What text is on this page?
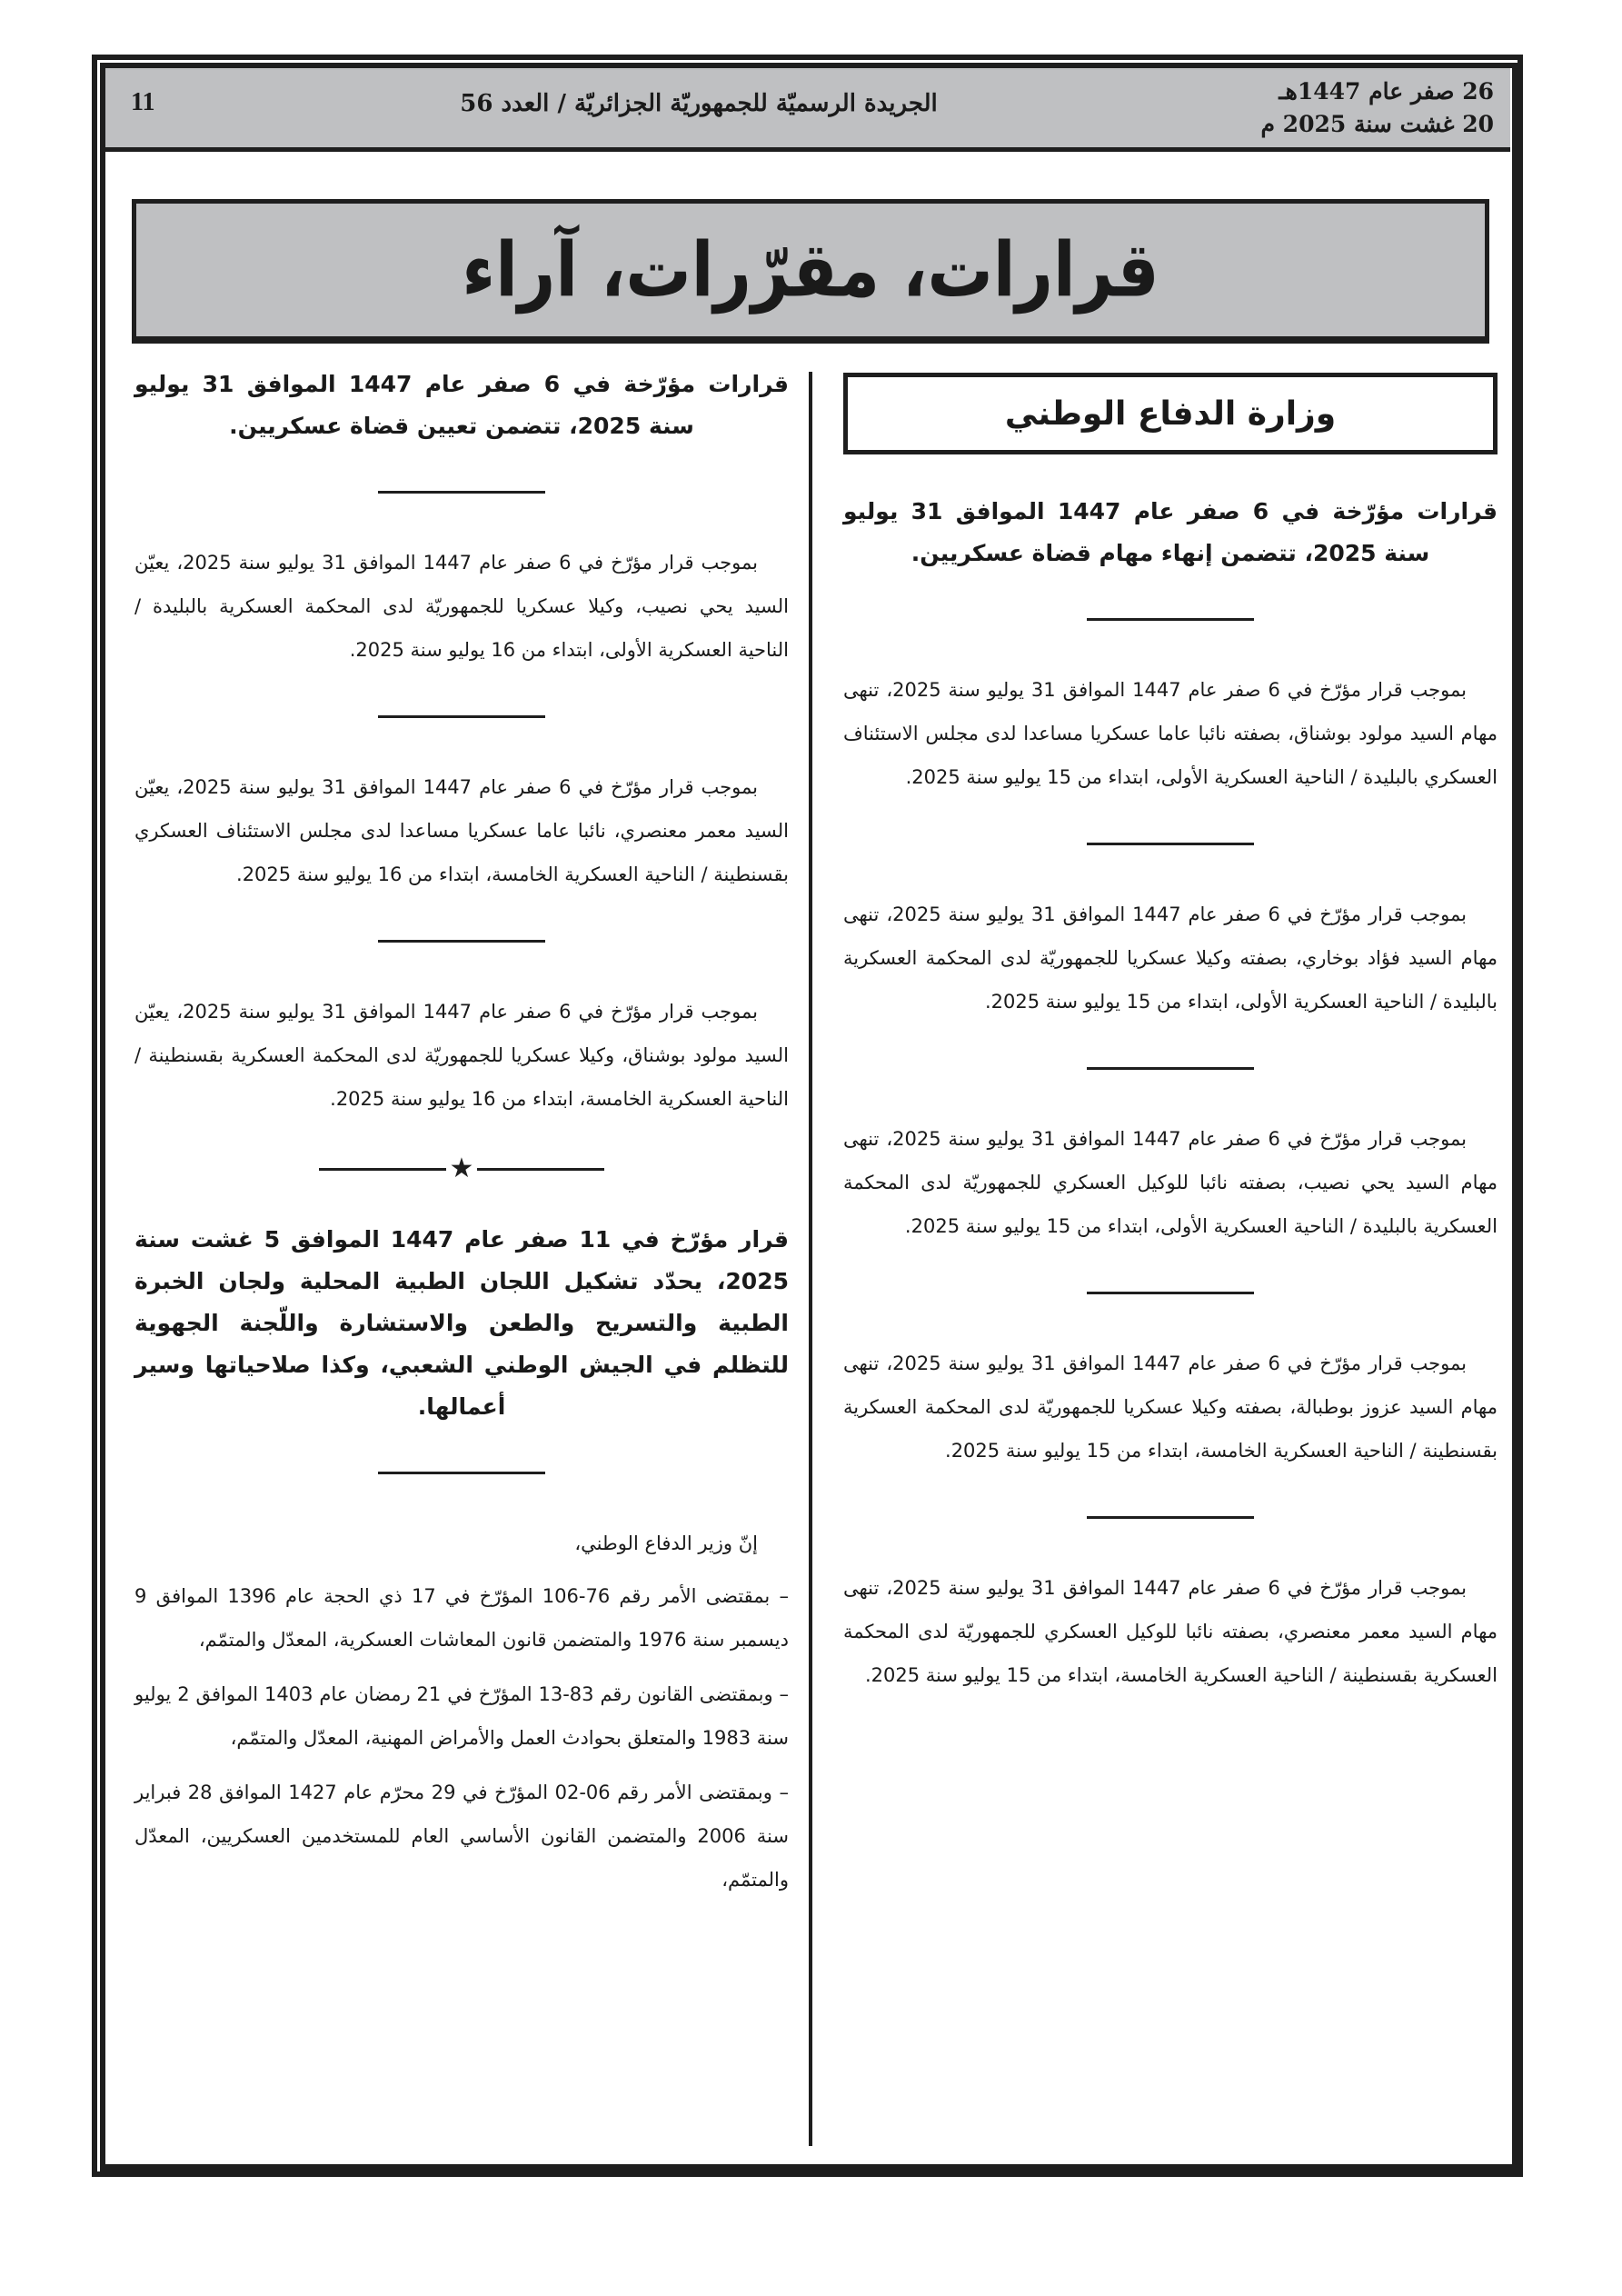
26 صفر عام 1447هـ
20 غشت سنة 2025 م
الجريدة الرسميّة للجمهوريّة الجزائريّة / العدد 56
11
قرارات، مقرّرات، آراء
وزارة الدفاع الوطني

قرارات مؤرّخة في 6 صفر عام 1447 الموافق 31 يوليو سنة 2025، تتضمن إنهاء مهام قضاة عسكريين.

بموجب قرار مؤرّخ في 6 صفر عام 1447 الموافق 31 يوليو سنة 2025، تنهى مهام السيد مولود بوشناق، بصفته نائبا عاما عسكريا مساعدا لدى مجلس الاستئناف العسكري بالبليدة / الناحية العسكرية الأولى، ابتداء من 15 يوليو سنة 2025.

بموجب قرار مؤرّخ في 6 صفر عام 1447 الموافق 31 يوليو سنة 2025، تنهى مهام السيد فؤاد بوخاري، بصفته وكيلا عسكريا للجمهوريّة لدى المحكمة العسكرية بالبليدة / الناحية العسكرية الأولى، ابتداء من 15 يوليو سنة 2025.

بموجب قرار مؤرّخ في 6 صفر عام 1447 الموافق 31 يوليو سنة 2025، تنهى مهام السيد يحي نصيب، بصفته نائبا للوكيل العسكري للجمهوريّة لدى المحكمة العسكرية بالبليدة / الناحية العسكرية الأولى، ابتداء من 15 يوليو سنة 2025.

بموجب قرار مؤرّخ في 6 صفر عام 1447 الموافق 31 يوليو سنة 2025، تنهى مهام السيد عزوز بوطبالة، بصفته وكيلا عسكريا للجمهوريّة لدى المحكمة العسكرية بقسنطينة / الناحية العسكرية الخامسة، ابتداء من 15 يوليو سنة 2025.

بموجب قرار مؤرّخ في 6 صفر عام 1447 الموافق 31 يوليو سنة 2025، تنهى مهام السيد معمر معنصري، بصفته نائبا للوكيل العسكري للجمهوريّة لدى المحكمة العسكرية بقسنطينة / الناحية العسكرية الخامسة، ابتداء من 15 يوليو سنة 2025.

قرارات مؤرّخة في 6 صفر عام 1447 الموافق 31 يوليو سنة 2025، تتضمن تعيين قضاة عسكريين.

بموجب قرار مؤرّخ في 6 صفر عام 1447 الموافق 31 يوليو سنة 2025، يعيّن السيد يحي نصيب، وكيلا عسكريا للجمهوريّة لدى المحكمة العسكرية بالبليدة / الناحية العسكرية الأولى، ابتداء من 16 يوليو سنة 2025.

بموجب قرار مؤرّخ في 6 صفر عام 1447 الموافق 31 يوليو سنة 2025، يعيّن السيد معمر معنصري، نائبا عاما عسكريا مساعدا لدى مجلس الاستئناف العسكري بقسنطينة / الناحية العسكرية الخامسة، ابتداء من 16 يوليو سنة 2025.

بموجب قرار مؤرّخ في 6 صفر عام 1447 الموافق 31 يوليو سنة 2025، يعيّن السيد مولود بوشناق، وكيلا عسكريا للجمهوريّة لدى المحكمة العسكرية بقسنطينة / الناحية العسكرية الخامسة، ابتداء من 16 يوليو سنة 2025.

★

قرار مؤرّخ في 11 صفر عام 1447 الموافق 5 غشت سنة 2025، يحدّد تشكيل اللجان الطبية المحلية ولجان الخبرة الطبية والتسريح والطعن والاستشارة واللّجنة الجهوية للتظلم في الجيش الوطني الشعبي، وكذا صلاحياتها وسير أعمالها.

إنّ وزير الدفاع الوطني،

– بمقتضى الأمر رقم 76-106 المؤرّخ في 17 ذي الحجة عام 1396 الموافق 9 ديسمبر سنة 1976 والمتضمن قانون المعاشات العسكرية، المعدّل والمتمّم،

– وبمقتضى القانون رقم 83-13 المؤرّخ في 21 رمضان عام 1403 الموافق 2 يوليو سنة 1983 والمتعلق بحوادث العمل والأمراض المهنية، المعدّل والمتمّم،

– وبمقتضى الأمر رقم 06-02 المؤرّخ في 29 محرّم عام 1427 الموافق 28 فبراير سنة 2006 والمتضمن القانون الأساسي العام للمستخدمين العسكريين، المعدّل والمتمّم،
